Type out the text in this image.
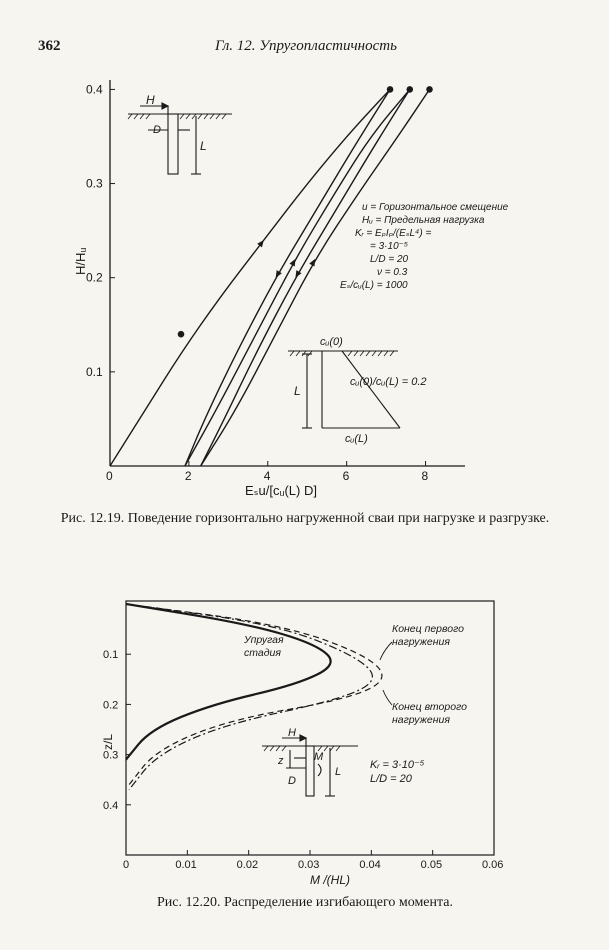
362	Гл. 12. Упругопластичность
0	2	4	6	8
0.1
0.2
0.3
0.4
Eₛu/[cᵤ(L) D]
H/Hᵤ
H
D
L
u = Горизонтальное смещение
Hᵤ = Предельная нагрузка
Kᵣ = EₚIₚ/(EₛL⁴) =
= 3·10⁻⁵
L/D = 20
ν = 0.3
Eₛ/cᵤ(L) = 1000
cᵤ(0)
cᵤ(L)
cᵤ(0)/cᵤ(L) = 0.2
L
0	0.01	0.02	0.03	0.04	0.05	0.06
0.1
0.2
0.3
0.4
M /(HL)
z/L
Упругая
стадия
Конец первого
нагружения
Конец второго
нагружения
H
z	M
D
L
Kᵣ = 3·10⁻⁵
L/D = 20
Рис. 12.19. Поведение горизонтально нагруженной сваи при нагрузке и разгрузке.
Рис. 12.20. Распределение изгибающего момента.
